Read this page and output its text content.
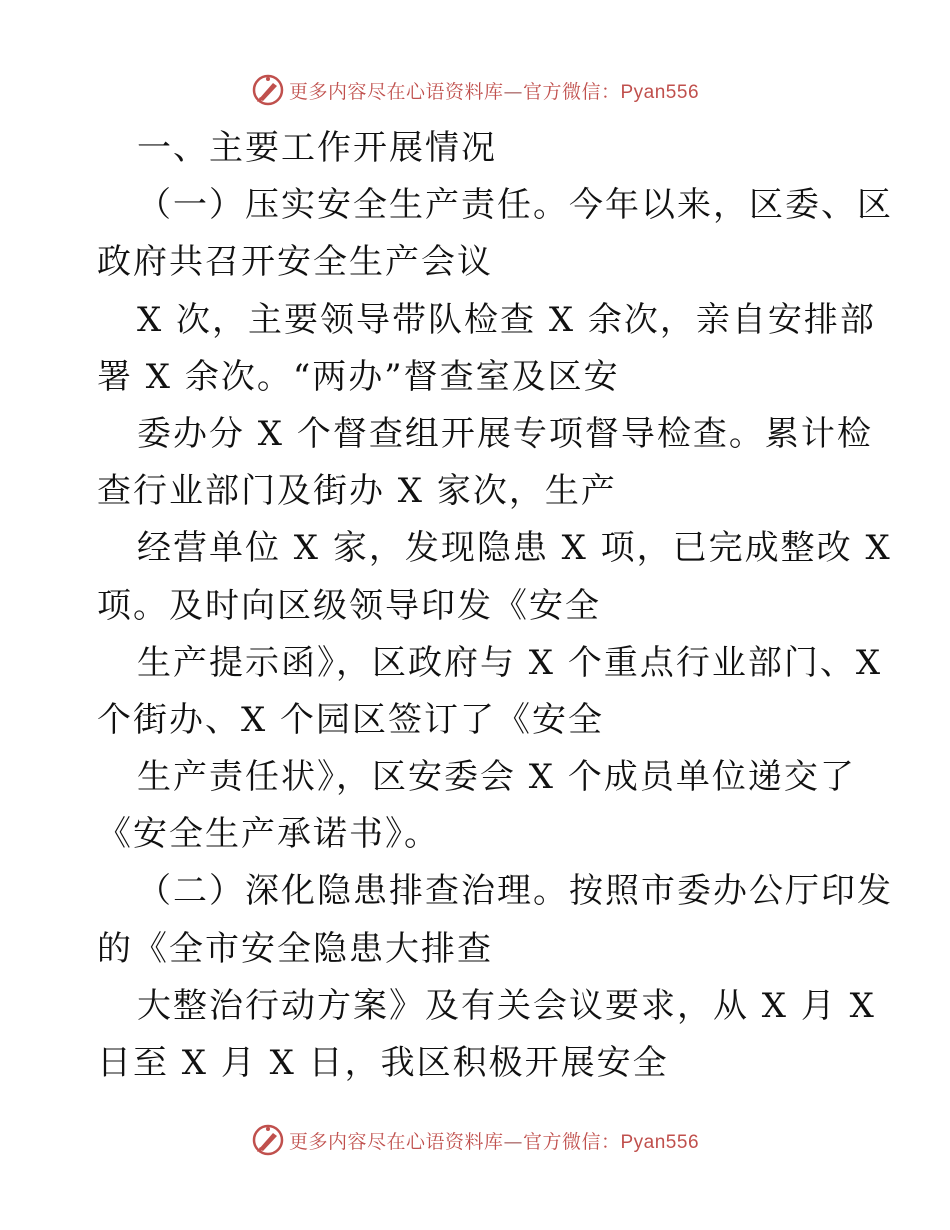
更多内容尽在心语资料库—官方微信：Pyan556
一、主要工作开展情况
（一）压实安全生产责任。今年以来，区委、区
政府共召开安全生产会议
X 次，主要领导带队检查 X 余次，亲自安排部
署 X 余次。“两办”督查室及区安
委办分 X 个督查组开展专项督导检查。累计检
查行业部门及街办 X 家次，生产
经营单位 X 家，发现隐患 X 项，已完成整改 X
项。及时向区级领导印发《安全
生产提示函》，区政府与 X 个重点行业部门、X
个街办、X 个园区签订了《安全
生产责任状》，区安委会 X 个成员单位递交了
《安全生产承诺书》。
（二）深化隐患排查治理。按照市委办公厅印发
的《全市安全隐患大排查
大整治行动方案》及有关会议要求，从 X 月 X
日至 X 月 X 日，我区积极开展安全
更多内容尽在心语资料库—官方微信：Pyan556
